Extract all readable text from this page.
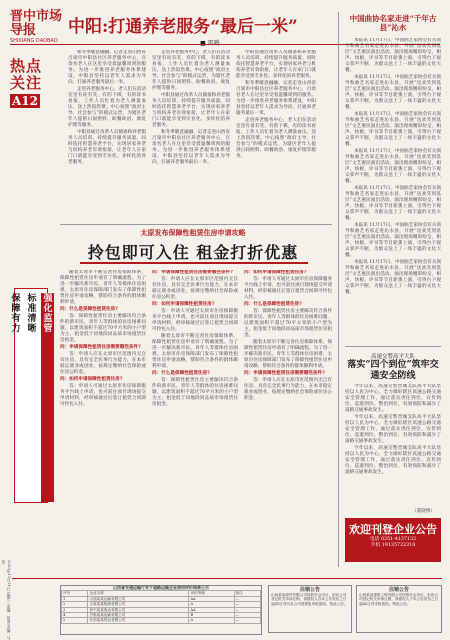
晋中市场导报
SHIXIANG DAOBAO
中阳:打通养老服务“最后一米”	中国曲协名家走进“千年古县”沁水
热点关注
A12

和冬季暖意融融、记者走进山西省吕梁市中阳县社区养老服务中心，百余名老人在这里享受着温馨周到的服务。为进一步推进养老服务体系建设，中阳县坚持以老年人需求为导向，打通养老服务最后一米。

走进养老服务中心，老人们在活动室里有说有笑，有的下棋，有的读书看报，工作人员忙着为老人测量血压、送上热饭热菜。中心按照“政府主导、社会参与”的模式运营，为辖区老年人提供日间照料、助餐助浴、康复护理等服务。

中阳县通过改革人员储备和养老服务人员培训，持续提升服务质量。同时依托智慧养老平台，实现居家养老与机构养老有效衔接，让老年人在家门口就能享受到专业化、多样化的养老服务。

走进养老服务中心，老人们在活动室里有说有笑，有的下棋，有的读书看报，工作人员忙着为老人测量血压、送上热饭热菜。中心按照“政府主导、社会参与”的模式运营，为辖区老年人提供日间照料、助餐助浴、康复护理等服务。

中阳县通过改革人员储备和养老服务人员培训，持续提升服务质量。同时依托智慧养老平台，实现居家养老与机构养老有效衔接，让老年人在家门口就能享受到专业化、多样化的养老服务。

和冬季暖意融融、记者走进山西省吕梁市中阳县社区养老服务中心，百余名老人在这里享受着温馨周到的服务。为进一步推进养老服务体系建设，中阳县坚持以老年人需求为导向，打通养老服务最后一米。

中阳县通过改革人员储备和养老服务人员培训，持续提升服务质量。同时依托智慧养老平台，实现居家养老与机构养老有效衔接，让老年人在家门口就能享受到专业化、多样化的养老服务。

和冬季暖意融融、记者走进山西省吕梁市中阳县社区养老服务中心，百余名老人在这里享受着温馨周到的服务。为进一步推进养老服务体系建设，中阳县坚持以老年人需求为导向，打通养老服务最后一米。

走进养老服务中心，老人们在活动室里有说有笑，有的下棋，有的读书看报，工作人员忙着为老人测量血压、送上热饭热菜。中心按照“政府主导、社会参与”的模式运营，为辖区老年人提供日间照料、助餐助浴、康复护理等服务。

本报讯 11月17日，中国曲艺家协会有关领导和曲艺名家走进沁水县，开展“送欢笑到基层”文艺惠民演出活动。演出现场精彩纷呈，相声、快板、评书等节目轮番上演，引得台下观众掌声不断，为群众送上了一场丰盛的文化大餐。

本报讯 11月17日，中国曲艺家协会有关领导和曲艺名家走进沁水县，开展“送欢笑到基层”文艺惠民演出活动。演出现场精彩纷呈，相声、快板、评书等节目轮番上演，引得台下观众掌声不断，为群众送上了一场丰盛的文化大餐。

本报讯 11月17日，中国曲艺家协会有关领导和曲艺名家走进沁水县，开展“送欢笑到基层”文艺惠民演出活动。演出现场精彩纷呈，相声、快板、评书等节目轮番上演，引得台下观众掌声不断，为群众送上了一场丰盛的文化大餐。

本报讯 11月17日，中国曲艺家协会有关领导和曲艺名家走进沁水县，开展“送欢笑到基层”文艺惠民演出活动。演出现场精彩纷呈，相声、快板、评书等节目轮番上演，引得台下观众掌声不断，为群众送上了一场丰盛的文化大餐。

本报讯 11月17日，中国曲艺家协会有关领导和曲艺名家走进沁水县，开展“送欢笑到基层”文艺惠民演出活动。演出现场精彩纷呈，相声、快板、评书等节目轮番上演，引得台下观众掌声不断，为群众送上了一场丰盛的文化大餐。

本报讯 11月17日，中国曲艺家协会有关领导和曲艺名家走进沁水县，开展“送欢笑到基层”文艺惠民演出活动。演出现场精彩纷呈，相声、快板、评书等节目轮番上演，引得台下观众掌声不断，为群众送上了一场丰盛的文化大餐。

本报讯 11月17日，中国曲艺家协会有关领导和曲艺名家走进沁水县，开展“送欢笑到基层”文艺惠民演出活动。演出现场精彩纷呈，相声、快板、评书等节目轮番上演，引得台下观众掌声不断，为群众送上了一场丰盛的文化大餐。

太原发布保障性租赁住房申请攻略
拎包即可入住 租金打折优惠
强化监管
标准清晰
保障有力

随着太原市不断完善住房保障体系，保障性租赁住房申请有了明确流程。为了进一步解决新市民、青年人等群体住房困难，太原市住房保障部门发布了保障性租赁住房申请攻略，帮助符合条件的群体顺利申请。

问：什么是保障性租赁住房?

答：保障性租赁住房主要解决符合条件的新市民、青年人等群体的住房困难问题，以建筑面积不超过70平方米的小户型为主，租金低于同地段同品质市场租赁住房租金。

问：申请保障性租赁住房需要哪些条件?

答：申请人应在太原市区范围内无自有住房，具有完全民事行为能力，在本市稳定就业或创业，按规定缴纳社会保险或住房公积金。

问：如何申请保障性租赁住房?

答：申请人可通过太原市住房保障服务平台线上申请，也可前往项目现场提交申请材料，经审核通过后签订租赁合同即可拎包入住。

问：申请保障性租赁住房需要哪些条件?

答：申请人应在太原市区范围内无自有住房，具有完全民事行为能力，在本市稳定就业或创业，按规定缴纳社会保险或住房公积金。

问：如何申请保障性租赁住房?

答：申请人可通过太原市住房保障服务平台线上申请，也可前往项目现场提交申请材料，经审核通过后签订租赁合同即可拎包入住。

随着太原市不断完善住房保障体系，保障性租赁住房申请有了明确流程。为了进一步解决新市民、青年人等群体住房困难，太原市住房保障部门发布了保障性租赁住房申请攻略，帮助符合条件的群体顺利申请。

问：什么是保障性租赁住房?

答：保障性租赁住房主要解决符合条件的新市民、青年人等群体的住房困难问题，以建筑面积不超过70平方米的小户型为主，租金低于同地段同品质市场租赁住房租金。

问：如何申请保障性租赁住房?

答：申请人可通过太原市住房保障服务平台线上申请，也可前往项目现场提交申请材料，经审核通过后签订租赁合同即可拎包入住。

问：什么是保障性租赁住房?

答：保障性租赁住房主要解决符合条件的新市民、青年人等群体的住房困难问题，以建筑面积不超过70平方米的小户型为主，租金低于同地段同品质市场租赁住房租金。

随着太原市不断完善住房保障体系，保障性租赁住房申请有了明确流程。为了进一步解决新市民、青年人等群体住房困难，太原市住房保障部门发布了保障性租赁住房申请攻略，帮助符合条件的群体顺利申请。

问：申请保障性租赁住房需要哪些条件?

答：申请人应在太原市区范围内无自有住房，具有完全民事行为能力，在本市稳定就业或创业，按规定缴纳社会保险或住房公积金。

高速交警高平大队
落实“四个到位”筑牢交通安全防线

今年以来，高速交警晋城支队高平大队坚持以人民为中心，全力做好辖区高速公路交通安全管理工作，通过落实责任到位、宣传到位、巡逻到位、整治到位，有效预防和减少了道路交通事故发生。

今年以来，高速交警晋城支队高平大队坚持以人民为中心，全力做好辖区高速公路交通安全管理工作，通过落实责任到位、宣传到位、巡逻到位、整治到位，有效预防和减少了道路交通事故发生。

今年以来，高速交警晋城支队高平大队坚持以人民为中心，全力做好辖区高速公路交通安全管理工作，通过落实责任到位、宣传到位、巡逻到位、整治到位，有效预防和减少了道路交通事故发生。

（董晓博）
欢迎刊登企业公告
电话 0351-4137132
手机 19135722318
2023年11月21日 星期二 责编：张清 美编：马伟
山西省交通运输厅关于道路运输企业信用评价结果公示
序号	企业名称	评价等级	备注
1	山西某某运输有限公司	AA	—
2	太原某某物流有限公司	A	—
3	晋中某某客运有限公司	AA	—
4	吕梁某某运输有限公司	B	—
5	长治某某货运有限公司	A	—
注销公告
山西某某商贸有限公司经股东会决议，拟向公司登记机关申请注销，请债权人自本公告发布之日起45日内向本公司清算组申报债权。特此公告。
注销公告
山西某某建筑工程有限公司经股东会决议，拟向公司登记机关申请注销，请债权人于本公告发布之日起45日内申报债权。特此公告。
